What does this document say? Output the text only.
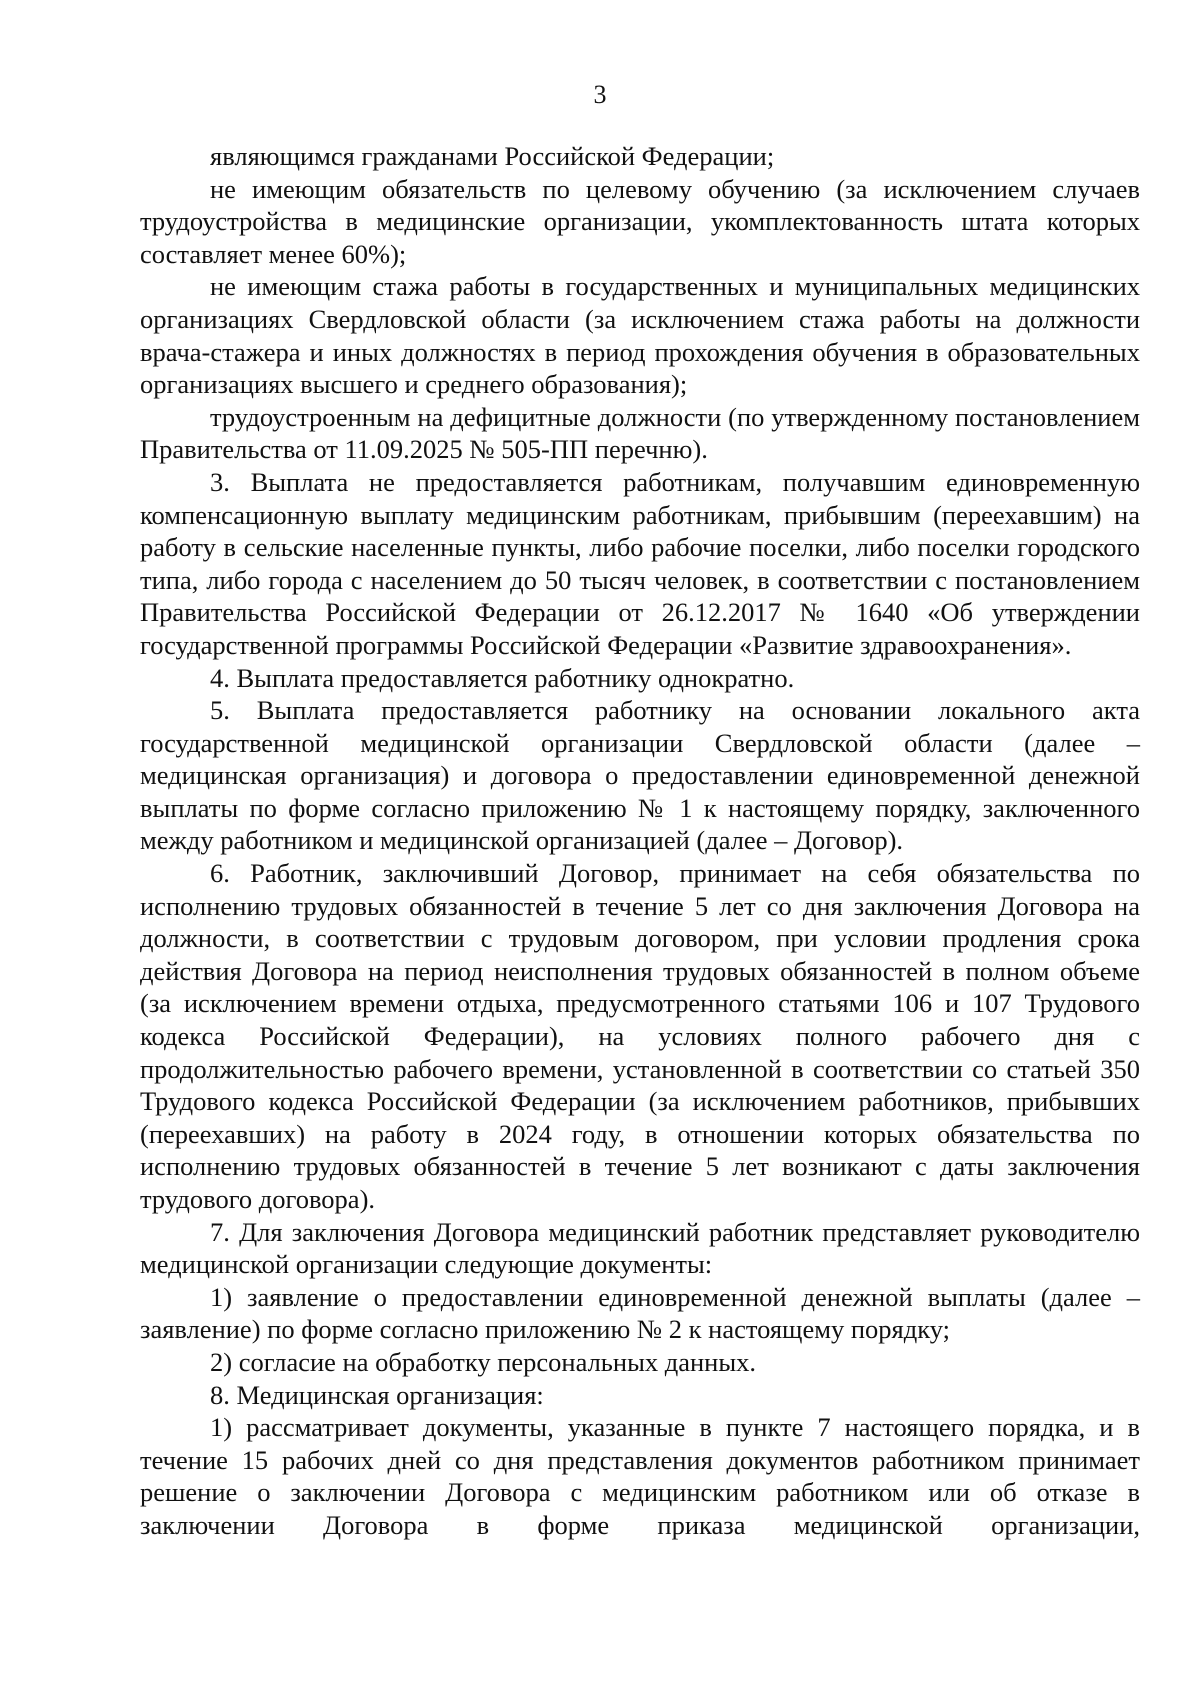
3

являющимся гражданами Российской Федерации;

не имеющим обязательств по целевому обучению (за исключением случаев трудоустройства в медицинские организации, укомплектованность штата которых составляет менее 60%);

не имеющим стажа работы в государственных и муниципальных медицинских организациях Свердловской области (за исключением стажа работы на должности врача-стажера и иных должностях в период прохождения обучения в образовательных организациях высшего и среднего образования);

трудоустроенным на дефицитные должности (по утвержденному постановлением Правительства от 11.09.2025 № 505-ПП перечню).

3. Выплата не предоставляется работникам, получавшим единовременную компенсационную выплату медицинским работникам, прибывшим (переехавшим) на работу в сельские населенные пункты, либо рабочие поселки, либо поселки городского типа, либо города с населением до 50 тысяч человек, в соответствии с постановлением Правительства Российской Федерации от 26.12.2017 № 1640 «Об утверждении государственной программы Российской Федерации «Развитие здравоохранения».

4. Выплата предоставляется работнику однократно.

5. Выплата предоставляется работнику на основании локального акта государственной медицинской организации Свердловской области (далее – медицинская организация) и договора о предоставлении единовременной денежной выплаты по форме согласно приложению № 1 к настоящему порядку, заключенного между работником и медицинской организацией (далее – Договор).

6. Работник, заключивший Договор, принимает на себя обязательства по исполнению трудовых обязанностей в течение 5 лет со дня заключения Договора на должности, в соответствии с трудовым договором, при условии продления срока действия Договора на период неисполнения трудовых обязанностей в полном объеме (за исключением времени отдыха, предусмотренного статьями 106 и 107 Трудового кодекса Российской Федерации), на условиях полного рабочего дня с продолжительностью рабочего времени, установленной в соответствии со статьей 350 Трудового кодекса Российской Федерации (за исключением работников, прибывших (переехавших) на работу в 2024 году, в отношении которых обязательства по исполнению трудовых обязанностей в течение 5 лет возникают с даты заключения трудового договора).

7. Для заключения Договора медицинский работник представляет руководителю медицинской организации следующие документы:

1) заявление о предоставлении единовременной денежной выплаты (далее – заявление) по форме согласно приложению № 2 к настоящему порядку;

2) согласие на обработку персональных данных.

8. Медицинская организация:

1) рассматривает документы, указанные в пункте 7 настоящего порядка, и в течение 15 рабочих дней со дня представления документов работником принимает решение о заключении Договора с медицинским работником или об отказе в заключении Договора в форме приказа медицинской организации,
